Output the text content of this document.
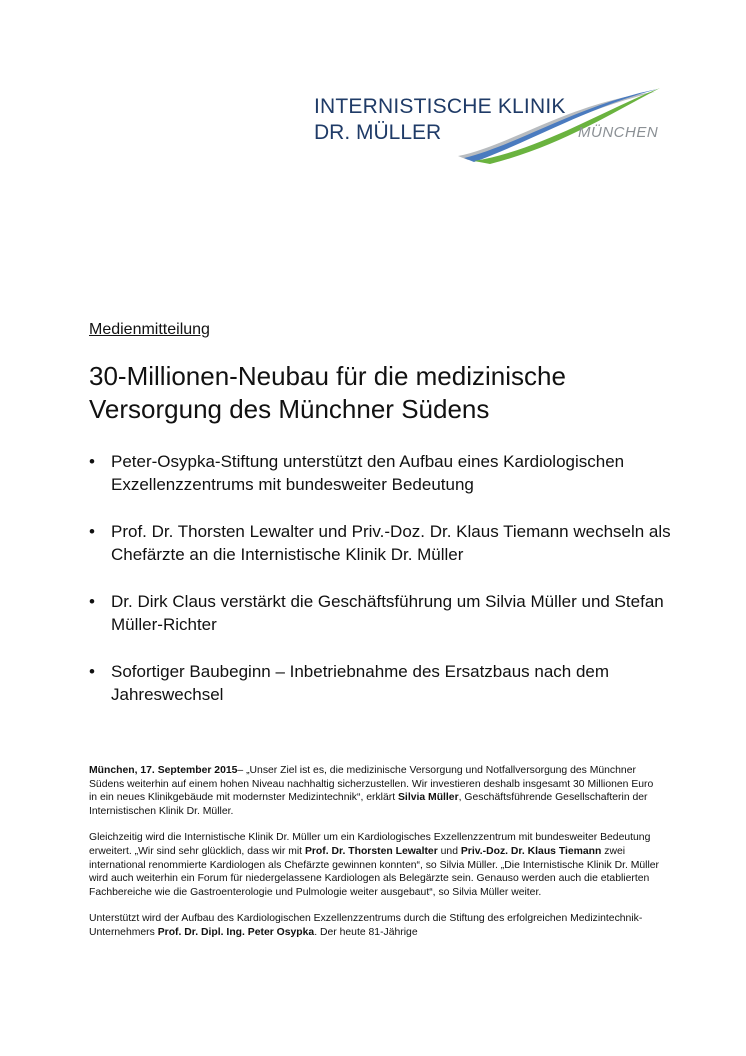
INTERNISTISCHE KLINIK
DR. MÜLLER	MÜNCHEN
Medienmitteilung
30-Millionen-Neubau für die medizinische
Versorgung des Münchner Südens
• Peter-Osypka-Stiftung unterstützt den Aufbau eines Kardiologischen Exzellenzzentrums mit bundesweiter Bedeutung
• Prof. Dr. Thorsten Lewalter und Priv.-Doz. Dr. Klaus Tiemann wechseln als Chefärzte an die Internistische Klinik Dr. Müller
• Dr. Dirk Claus verstärkt die Geschäftsführung um Silvia Müller und Stefan Müller-Richter
• Sofortiger Baubeginn – Inbetriebnahme des Ersatzbaus nach dem Jahreswechsel

München, 17. September 2015– „Unser Ziel ist es, die medizinische Versorgung und Notfallversorgung des Münchner Südens weiterhin auf einem hohen Niveau nachhaltig sicherzustellen. Wir investieren deshalb insgesamt 30 Millionen Euro in ein neues Klinikgebäude mit modernster Medizintechnik“, erklärt Silvia Müller, Geschäftsführende Gesellschafterin der Internistischen Klinik Dr. Müller.

Gleichzeitig wird die Internistische Klinik Dr. Müller um ein Kardiologisches Exzellenzzentrum mit bundesweiter Bedeutung erweitert. „Wir sind sehr glücklich, dass wir mit Prof. Dr. Thorsten Lewalter und Priv.-Doz. Dr. Klaus Tiemann zwei international renommierte Kardiologen als Chefärzte gewinnen konnten“, so Silvia Müller. „Die Internistische Klinik Dr. Müller wird auch weiterhin ein Forum für niedergelassene Kardiologen als Belegärzte sein. Genauso werden auch die etablierten Fachbereiche wie die Gastroenterologie und Pulmologie weiter ausgebaut“, so Silvia Müller weiter.

Unterstützt wird der Aufbau des Kardiologischen Exzellenzzentrums durch die Stiftung des erfolgreichen Medizintechnik-Unternehmers Prof. Dr. Dipl. Ing. Peter Osypka. Der heute 81-Jährige
